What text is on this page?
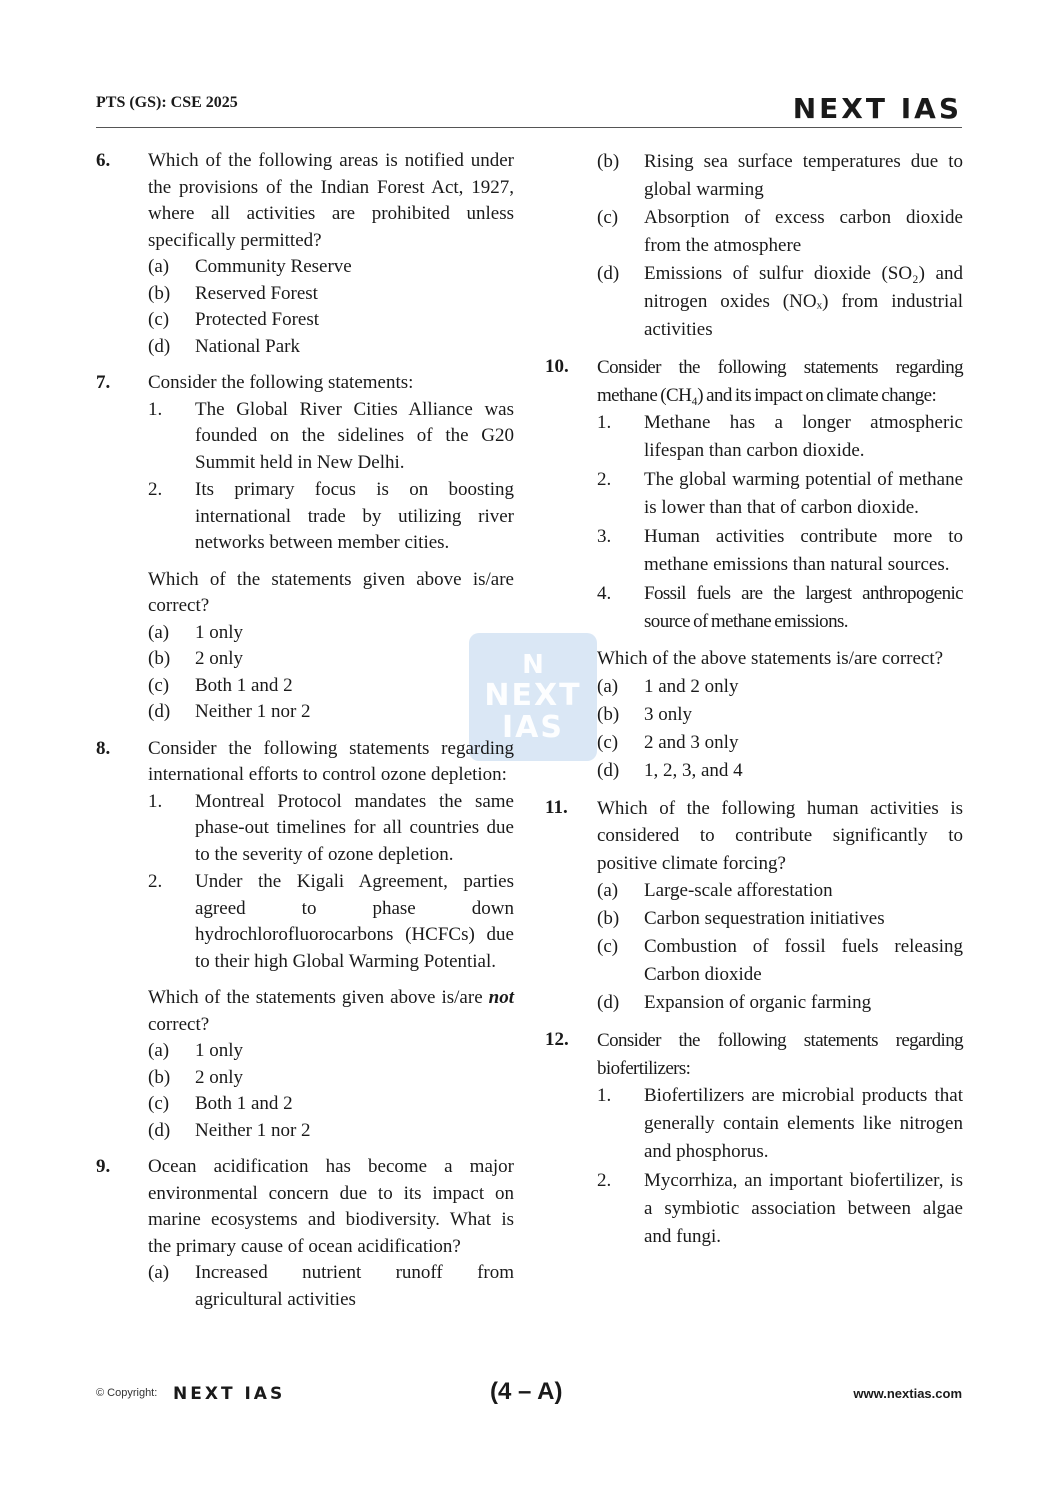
PTS (GS): CSE 2025	NEXT IAS
N
NEXT
IAS
6.	Which of the following areas is notified under the provisions of the Indian Forest Act, 1927, where all activities are prohibited unless specifically permitted?
(a)	Community Reserve
(b)	Reserved Forest
(c)	Protected Forest
(d)	National Park
7.	Consider the following statements:
1.	The Global River Cities Alliance was founded on the sidelines of the G20 Summit held in New Delhi.
2.	Its primary focus is on boosting international trade by utilizing river networks between member cities.
Which of the statements given above is/are correct?
(a)	1 only
(b)	2 only
(c)	Both 1 and 2
(d)	Neither 1 nor 2
8.	Consider the following statements regarding international efforts to control ozone depletion:
1.	Montreal Protocol mandates the same phase-out timelines for all countries due to the severity of ozone depletion.
2.	Under the Kigali Agreement, parties agreed to phase down hydrochlorofluorocarbons (HCFCs) due to their high Global Warming Potential.
Which of the statements given above is/are not correct?
(a)	1 only
(b)	2 only
(c)	Both 1 and 2
(d)	Neither 1 nor 2
9.	Ocean acidification has become a major environmental concern due to its impact on marine ecosystems and biodiversity. What is the primary cause of ocean acidification?
(a)	Increased nutrient runoff from agricultural activities
(b)	Rising sea surface temperatures due to global warming
(c)	Absorption of excess carbon dioxide from the atmosphere
(d)	Emissions of sulfur dioxide (SO₂) and nitrogen oxides (NOₓ) from industrial activities
10.	Consider the following statements regarding methane (CH₄) and its impact on climate change:
1.	Methane has a longer atmospheric lifespan than carbon dioxide.
2.	The global warming potential of methane is lower than that of carbon dioxide.
3.	Human activities contribute more to methane emissions than natural sources.
4.	Fossil fuels are the largest anthropogenic source of methane emissions.
Which of the above statements is/are correct?
(a)	1 and 2 only
(b)	3 only
(c)	2 and 3 only
(d)	1, 2, 3, and 4
11.	Which of the following human activities is considered to contribute significantly to positive climate forcing?
(a)	Large-scale afforestation
(b)	Carbon sequestration initiatives
(c)	Combustion of fossil fuels releasing Carbon dioxide
(d)	Expansion of organic farming
12.	Consider the following statements regarding biofertilizers:
1.	Biofertilizers are microbial products that generally contain elements like nitrogen and phosphorus.
2.	Mycorrhiza, an important biofertilizer, is a symbiotic association between algae and fungi.
© Copyright: NEXT IAS	(4 – A)	www.nextias.com
